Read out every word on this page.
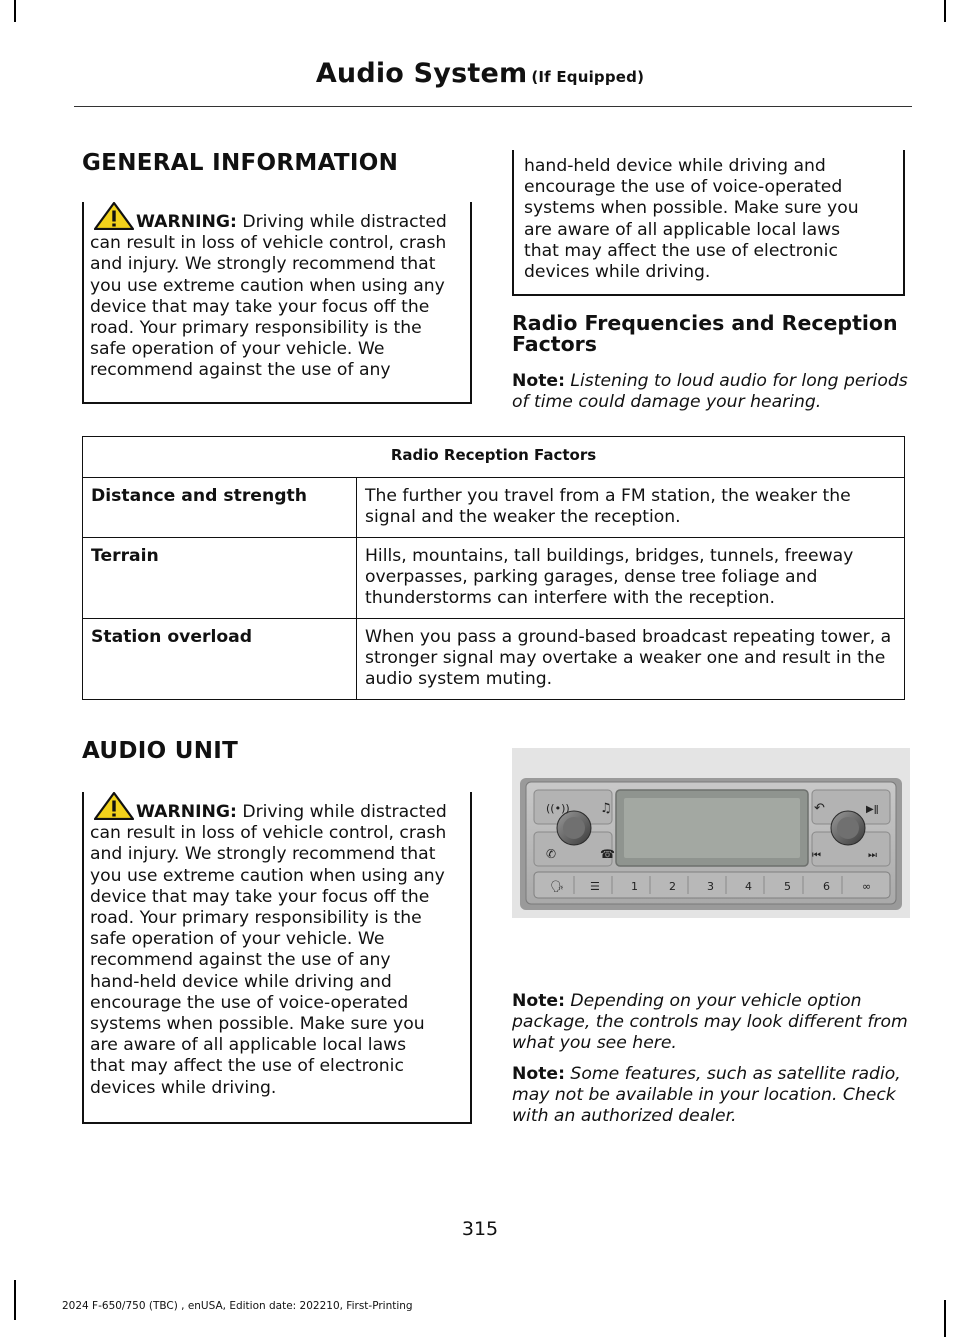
Audio System (If Equipped)
GENERAL INFORMATION
WARNING: Driving while distracted
can result in loss of vehicle control, crash
and injury. We strongly recommend that
you use extreme caution when using any
device that may take your focus off the
road. Your primary responsibility is the
safe operation of your vehicle. We
recommend against the use of any
hand-held device while driving and
encourage the use of voice-operated
systems when possible. Make sure you
are aware of all applicable local laws
that may affect the use of electronic
devices while driving.
Radio Frequencies and Reception Factors

Note: Listening to loud audio for long periods of time could damage your hearing.

Radio Reception Factors	
Distance and strength	The further you travel from a FM station, the weaker the signal and the weaker the reception.
Terrain	Hills, mountains, tall buildings, bridges, tunnels, freeway overpasses, parking garages, dense tree foliage and thunderstorms can interfere with the reception.
Station overload	When you pass a ground-based broadcast repeating tower, a stronger signal may overtake a weaker one and result in the audio system muting.
AUDIO UNIT
WARNING: Driving while distracted
can result in loss of vehicle control, crash
and injury. We strongly recommend that
you use extreme caution when using any
device that may take your focus off the
road. Your primary responsibility is the
safe operation of your vehicle. We
recommend against the use of any
hand-held device while driving and
encourage the use of voice-operated
systems when possible. Make sure you
are aware of all applicable local laws
that may affect the use of electronic
devices while driving.
((•)) ♫	↶	▶ǁ
✆	☎	⏮	⏭
🗣 ☰	1	2	3	4	5	6	∞

Note: Depending on your vehicle option package, the controls may look different from what you see here.

Note: Some features, such as satellite radio, may not be available in your location. Check with an authorized dealer.

315
2024 F-650/750 (TBC) , enUSA, Edition date: 202210, First-Printing
